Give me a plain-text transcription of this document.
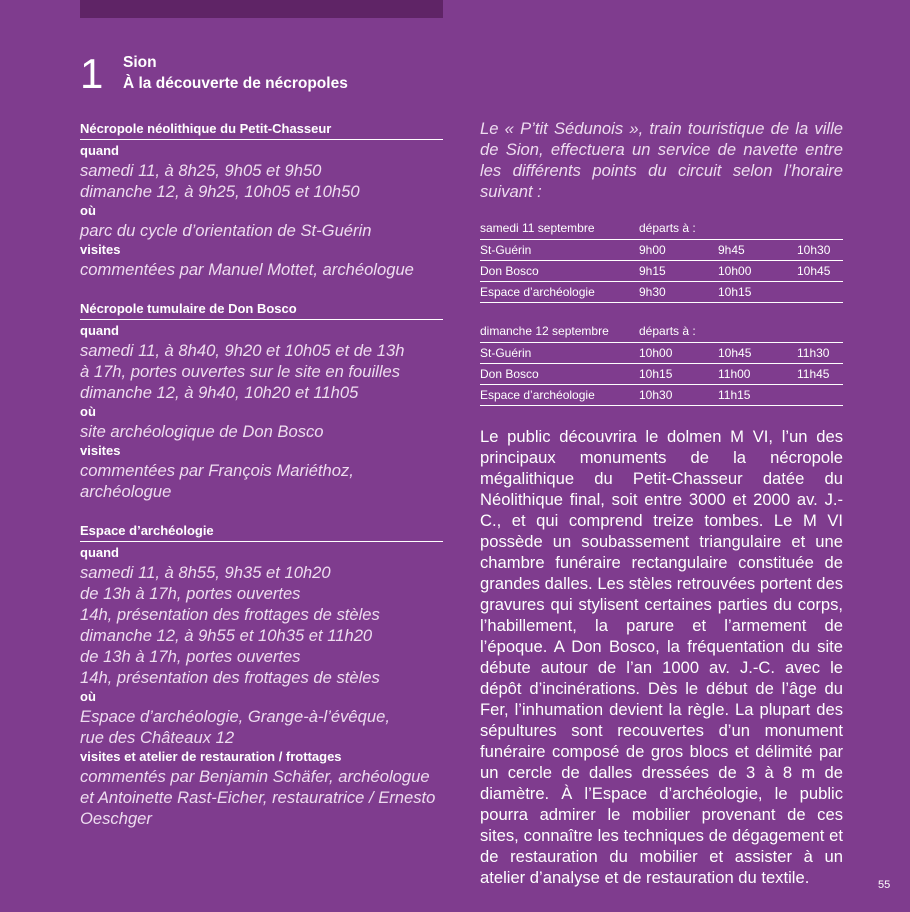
1 Sion
À la découverte de nécropoles
Nécropole néolithique du Petit-Chasseur
quand
samedi 11, à 8h25, 9h05 et 9h50
dimanche 12, à 9h25, 10h05 et 10h50
où
parc du cycle d’orientation de St-Guérin
visites
commentées par Manuel Mottet, archéologue
Nécropole tumulaire de Don Bosco
quand
samedi 11, à 8h40, 9h20 et 10h05 et de 13h
à 17h, portes ouvertes sur le site en fouilles
dimanche 12, à 9h40, 10h20 et 11h05
où
site archéologique de Don Bosco
visites
commentées par François Mariéthoz, archéologue
Espace d’archéologie
quand
samedi 11, à 8h55, 9h35 et 10h20
de 13h à 17h, portes ouvertes
14h, présentation des frottages de stèles
dimanche 12, à 9h55 et 10h35 et 11h20
de 13h à 17h, portes ouvertes
14h, présentation des frottages de stèles
où
Espace d’archéologie, Grange-à-l’évêque,
rue des Châteaux 12
visites et atelier de restauration / frottages
commentés par Benjamin Schäfer, archéologue
et Antoinette Rast-Eicher, restauratrice / Ernesto
Oeschger

Le « P’tit Sédunois », train touristique de la ville de Sion, effectuera un service de navette entre les différents points du circuit selon l’horaire suivant :

samedi 11 septembre	départs à :		
St-Guérin	9h00	9h45	10h30
Don Bosco	9h15	10h00	10h45
Espace d’archéologie	9h30	10h15	
dimanche 12 septembre	départs à :		
St-Guérin	10h00	10h45	11h30
Don Bosco	10h15	11h00	11h45
Espace d’archéologie	10h30	11h15	

Le public découvrira le dolmen M VI, l’un des principaux monuments de la nécropole mégalithique du Petit-Chasseur datée du Néolithique final, soit entre 3000 et 2000 av. J.-C., et qui comprend treize tombes. Le M VI possède un soubassement triangulaire et une chambre funéraire rectangulaire constituée de grandes dalles. Les stèles retrouvées portent des gravures qui stylisent certaines parties du corps, l’habillement, la parure et l’armement de l’époque. A Don Bosco, la fréquentation du site débute autour de l’an 1000 av. J.-C. avec le dépôt d’incinérations. Dès le début de l’âge du Fer, l’inhumation devient la règle. La plupart des sépultures sont recouvertes d’un monument funéraire composé de gros blocs et délimité par un cercle de dalles dressées de 3 à 8 m de diamètre. À l’Espace d’archéologie, le public pourra admirer le mobilier provenant de ces sites, connaître les techniques de dégagement et de restauration du mobilier et assister à un atelier d’analyse et de restauration du textile.	55
